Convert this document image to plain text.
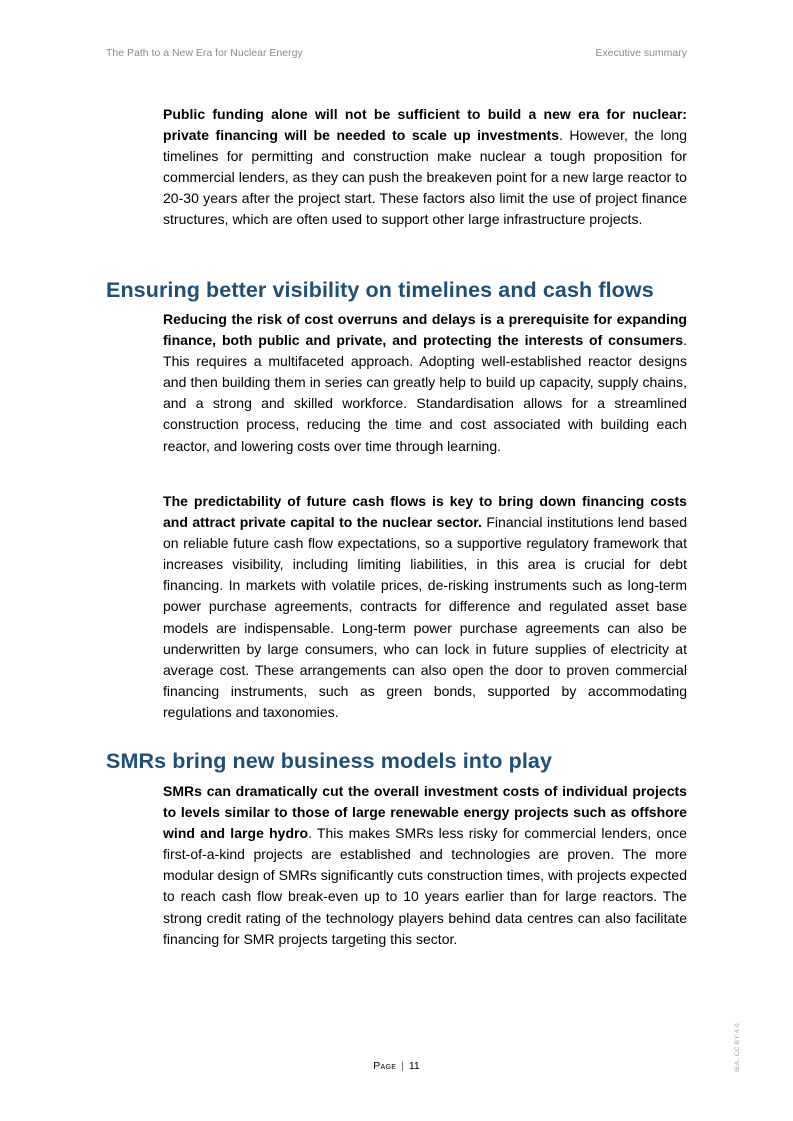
The Path to a New Era for Nuclear Energy	Executive summary

Public funding alone will not be sufficient to build a new era for nuclear: private financing will be needed to scale up investments. However, the long timelines for permitting and construction make nuclear a tough proposition for commercial lenders, as they can push the breakeven point for a new large reactor to 20-30 years after the project start. These factors also limit the use of project finance structures, which are often used to support other large infrastructure projects.

Ensuring better visibility on timelines and cash flows

Reducing the risk of cost overruns and delays is a prerequisite for expanding finance, both public and private, and protecting the interests of consumers. This requires a multifaceted approach. Adopting well-established reactor designs and then building them in series can greatly help to build up capacity, supply chains, and a strong and skilled workforce. Standardisation allows for a streamlined construction process, reducing the time and cost associated with building each reactor, and lowering costs over time through learning.

The predictability of future cash flows is key to bring down financing costs and attract private capital to the nuclear sector. Financial institutions lend based on reliable future cash flow expectations, so a supportive regulatory framework that increases visibility, including limiting liabilities, in this area is crucial for debt financing. In markets with volatile prices, de-risking instruments such as long-term power purchase agreements, contracts for difference and regulated asset base models are indispensable. Long-term power purchase agreements can also be underwritten by large consumers, who can lock in future supplies of electricity at average cost. These arrangements can also open the door to proven commercial financing instruments, such as green bonds, supported by accommodating regulations and taxonomies.

SMRs bring new business models into play

SMRs can dramatically cut the overall investment costs of individual projects to levels similar to those of large renewable energy projects such as offshore wind and large hydro. This makes SMRs less risky for commercial lenders, once first-of-a-kind projects are established and technologies are proven. The more modular design of SMRs significantly cuts construction times, with projects expected to reach cash flow break-even up to 10 years earlier than for large reactors. The strong credit rating of the technology players behind data centres can also facilitate financing for SMR projects targeting this sector.

Page | 11	IEA. CC BY 4.0.
